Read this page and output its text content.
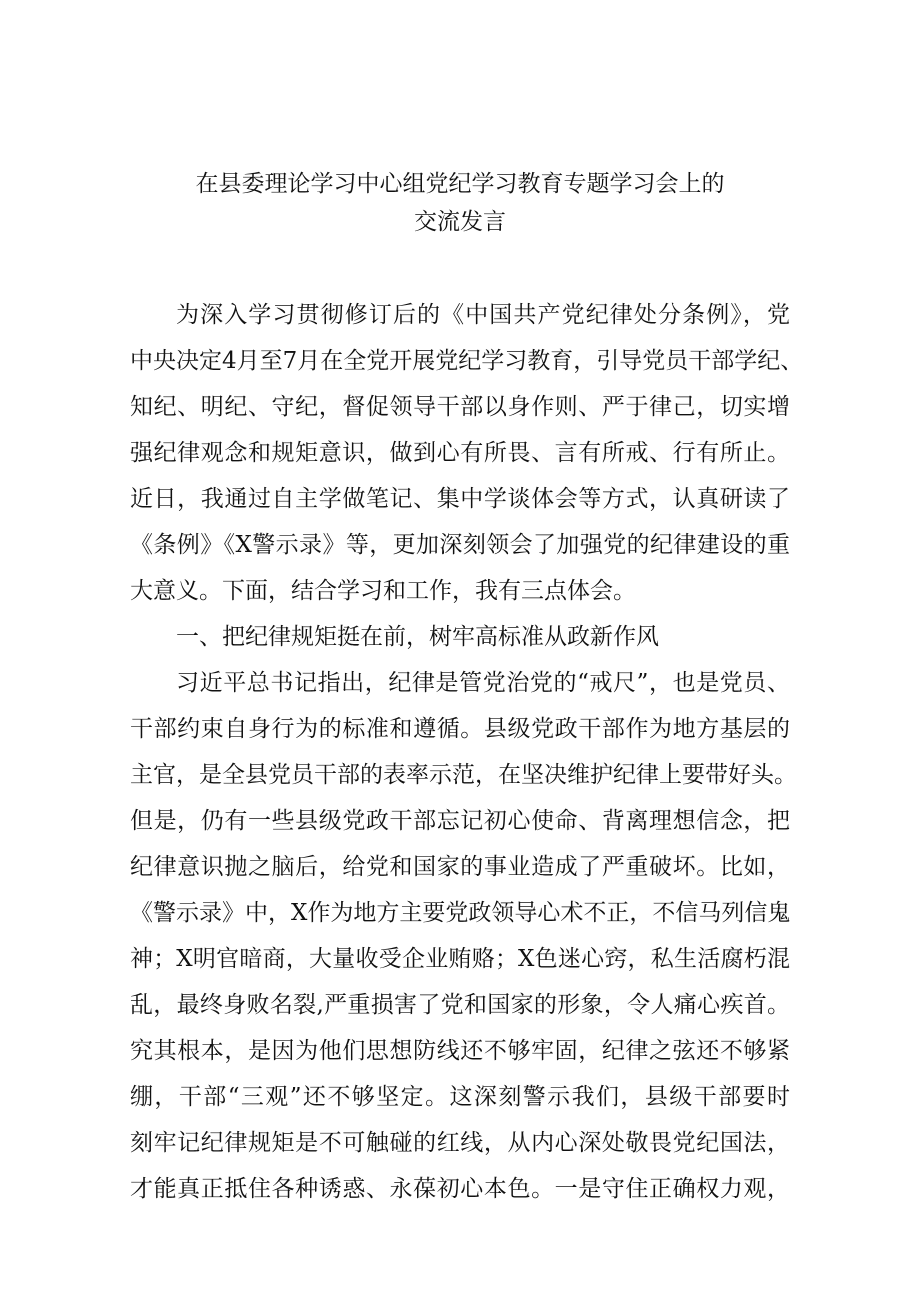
在县委理论学习中心组党纪学习教育专题学习会上的
交流发言
为深入学习贯彻修订后的《中国共产党纪律处分条例》，党
中央决定4月至7月在全党开展党纪学习教育，引导党员干部学纪、
知纪、明纪、守纪，督促领导干部以身作则、严于律己，切实增
强纪律观念和规矩意识，做到心有所畏、言有所戒、行有所止。
近日，我通过自主学做笔记、集中学谈体会等方式，认真研读了
《条例》《X警示录》等，更加深刻领会了加强党的纪律建设的重
大意义。下面，结合学习和工作，我有三点体会。
一、把纪律规矩挺在前，树牢高标准从政新作风
习近平总书记指出，纪律是管党治党的“戒尺”，也是党员、
干部约束自身行为的标准和遵循。县级党政干部作为地方基层的
主官，是全县党员干部的表率示范，在坚决维护纪律上要带好头。
但是，仍有一些县级党政干部忘记初心使命、背离理想信念，把
纪律意识抛之脑后，给党和国家的事业造成了严重破坏。比如，
《警示录》中，X作为地方主要党政领导心术不正，不信马列信鬼
神；X明官暗商，大量收受企业贿赂；X色迷心窍，私生活腐朽混
乱，最终身败名裂,严重损害了党和国家的形象，令人痛心疾首。
究其根本，是因为他们思想防线还不够牢固，纪律之弦还不够紧
绷，干部“三观”还不够坚定。这深刻警示我们，县级干部要时
刻牢记纪律规矩是不可触碰的红线，从内心深处敬畏党纪国法，
才能真正抵住各种诱惑、永葆初心本色。一是守住正确权力观，
